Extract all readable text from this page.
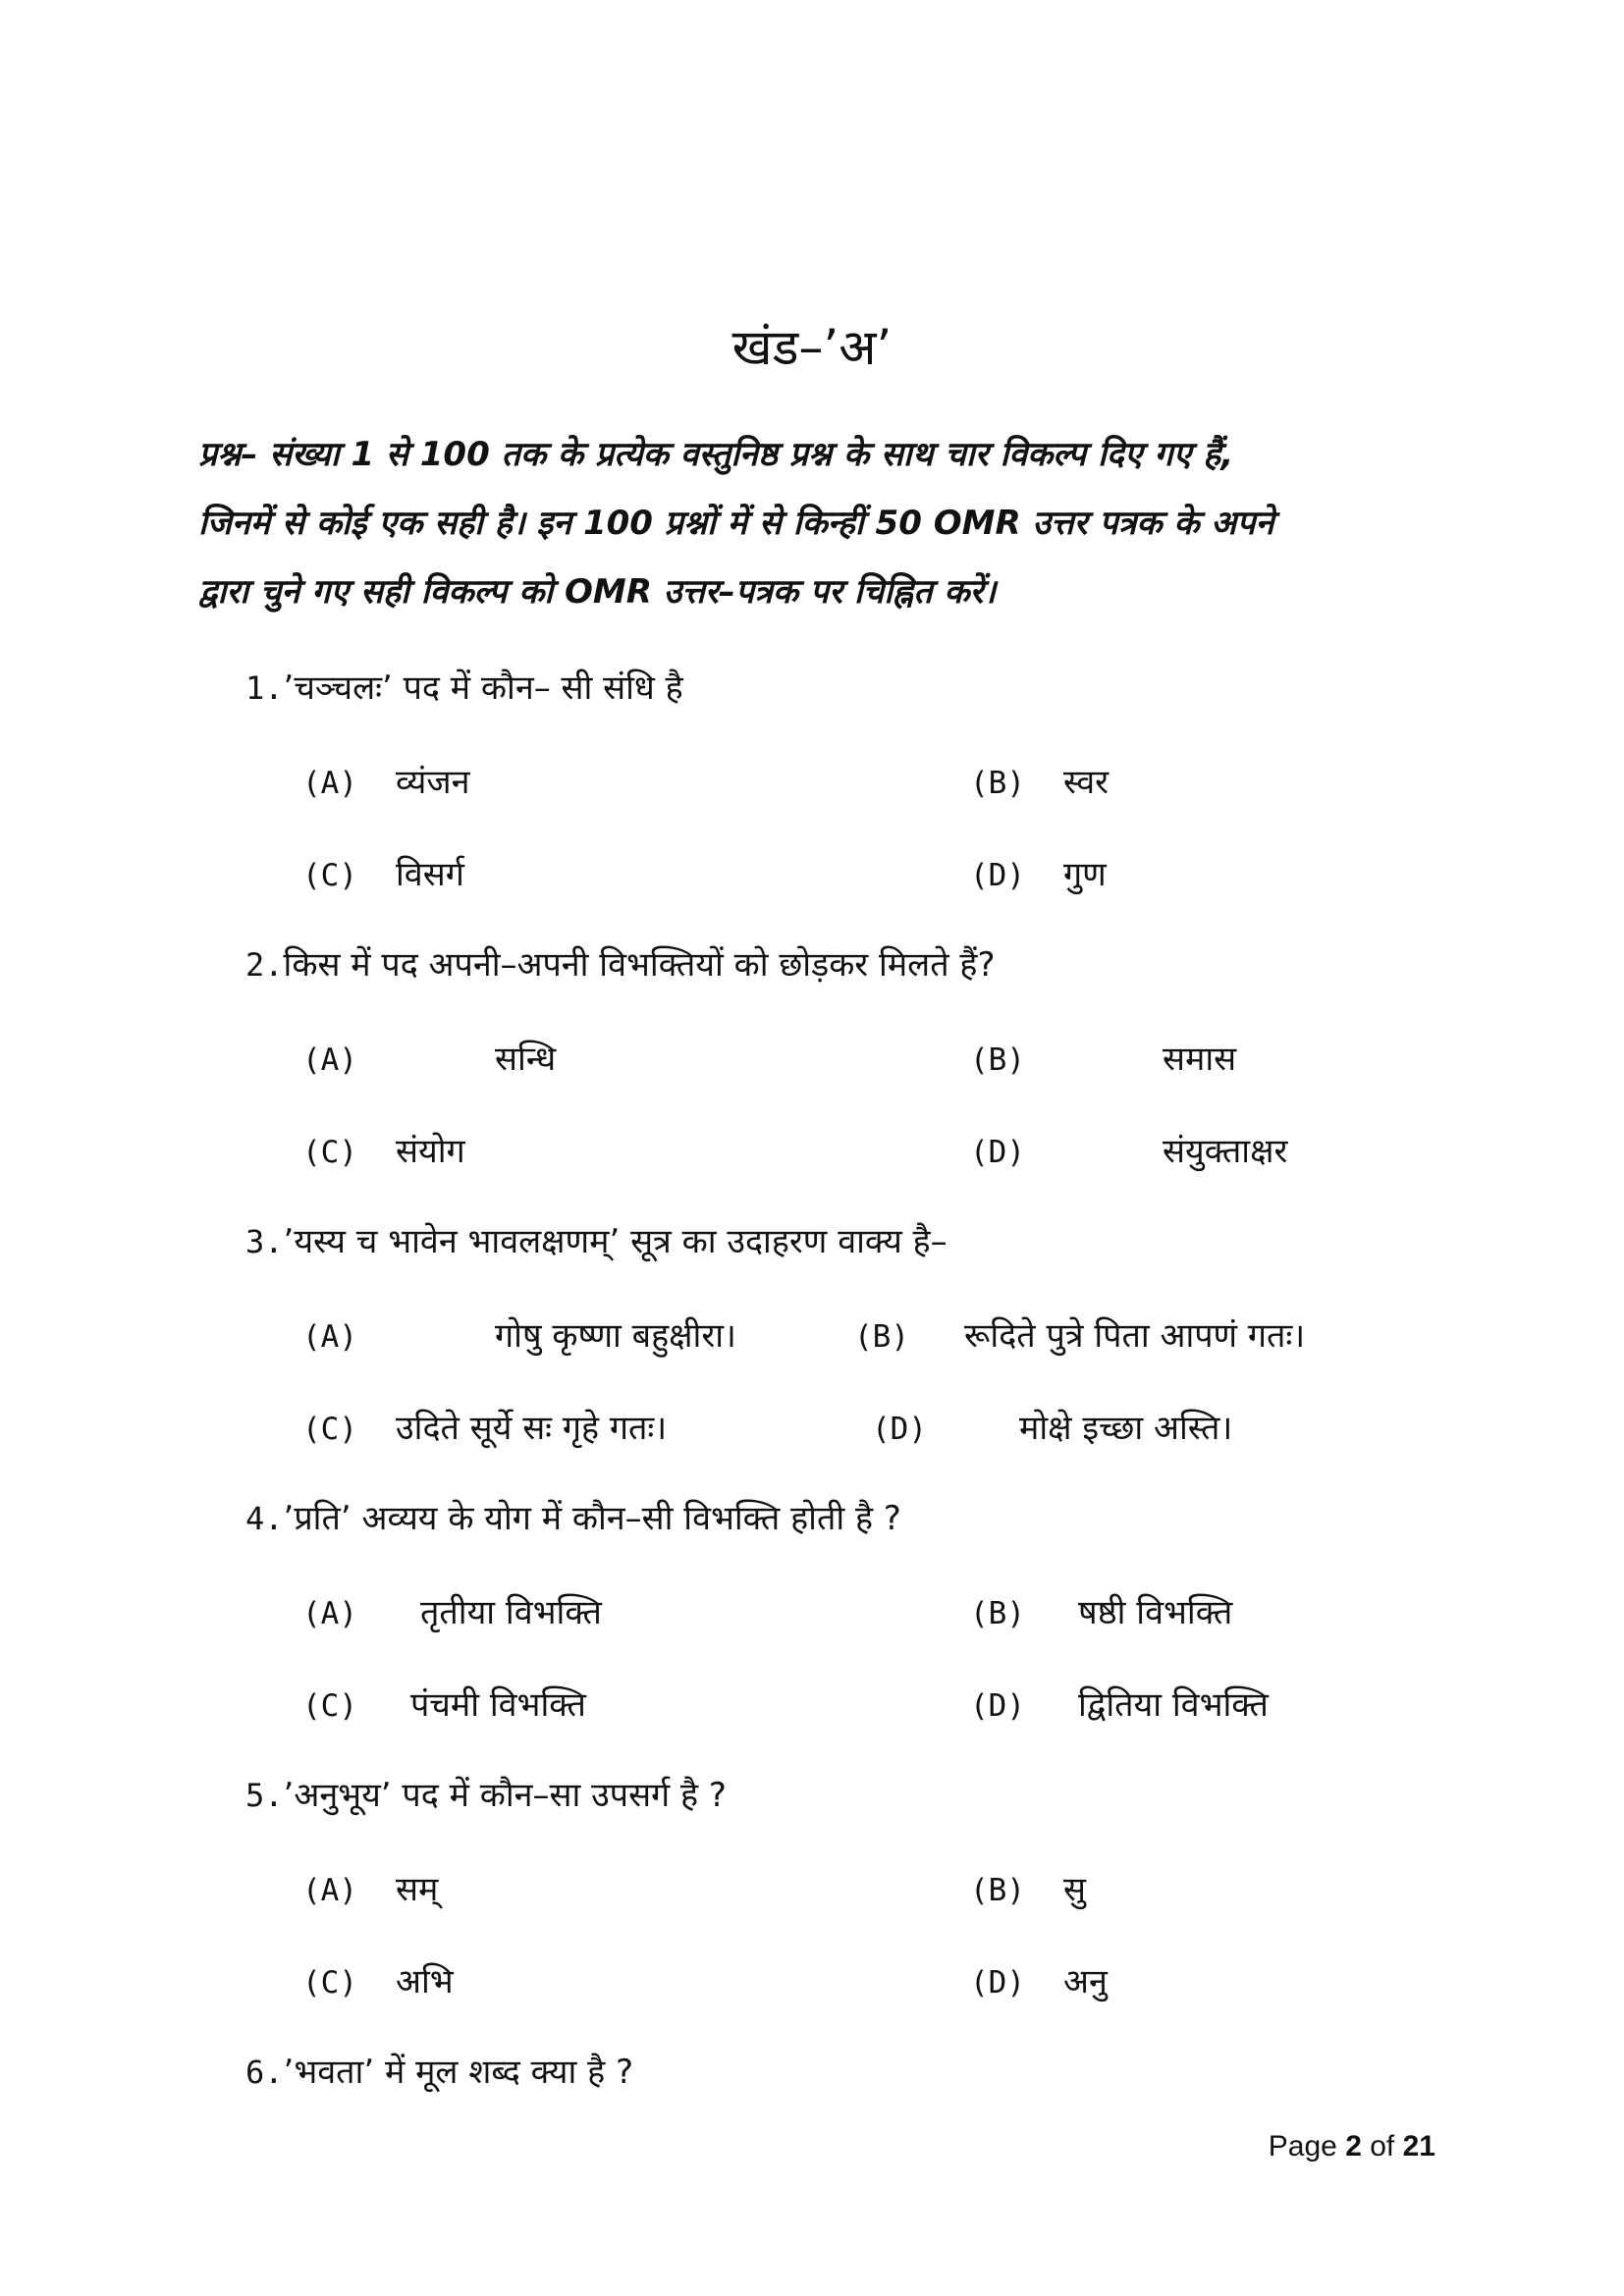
खंड–’अ’
प्रश्न– संख्या 1 से 100 तक के प्रत्येक वस्तुनिष्ठ प्रश्न के साथ चार विकल्प दिए गए हैं,
जिनमें से कोई एक सही है। इन 100 प्रश्नों में से किन्हीं 50 OMR उत्तर पत्रक के अपने
द्वारा चुने गए सही विकल्प को OMR उत्तर–पत्रक पर चिह्नित करें।
1.’चञ्चलः’ पद में कौन– सी संधि है
(A) व्यंजन	(B) स्वर
(C) विसर्ग	(D) गुण
2.किस में पद अपनी–अपनी विभक्तियों को छोड़कर मिलते हैं?
(A)	सन्धि	(B)	समास
(C) संयोग	(D)	संयुक्ताक्षर
3.’यस्य च भावेन भावलक्षणम्’ सूत्र का उदाहरण वाक्य है–
(A)	गोषु कृष्णा बहुक्षीरा।	(B) रूदिते पुत्रे पिता आपणं गतः।
(C) उदिते सूर्ये सः गृहे गतः।	(D)	मोक्षे इच्छा अस्ति।
4.’प्रति’ अव्यय के योग में कौन–सी विभक्ति होती है ?
(A) तृतीया विभक्ति	(B) षष्ठी विभक्ति
(C) पंचमी विभक्ति	(D) द्वितिया विभक्ति
5.’अनुभूय’ पद में कौन–सा उपसर्ग है ?
(A) सम्	(B) सु
(C) अभि	(D) अनु
6.’भवता’ में मूल शब्द क्या है ?
Page 2 of 21
